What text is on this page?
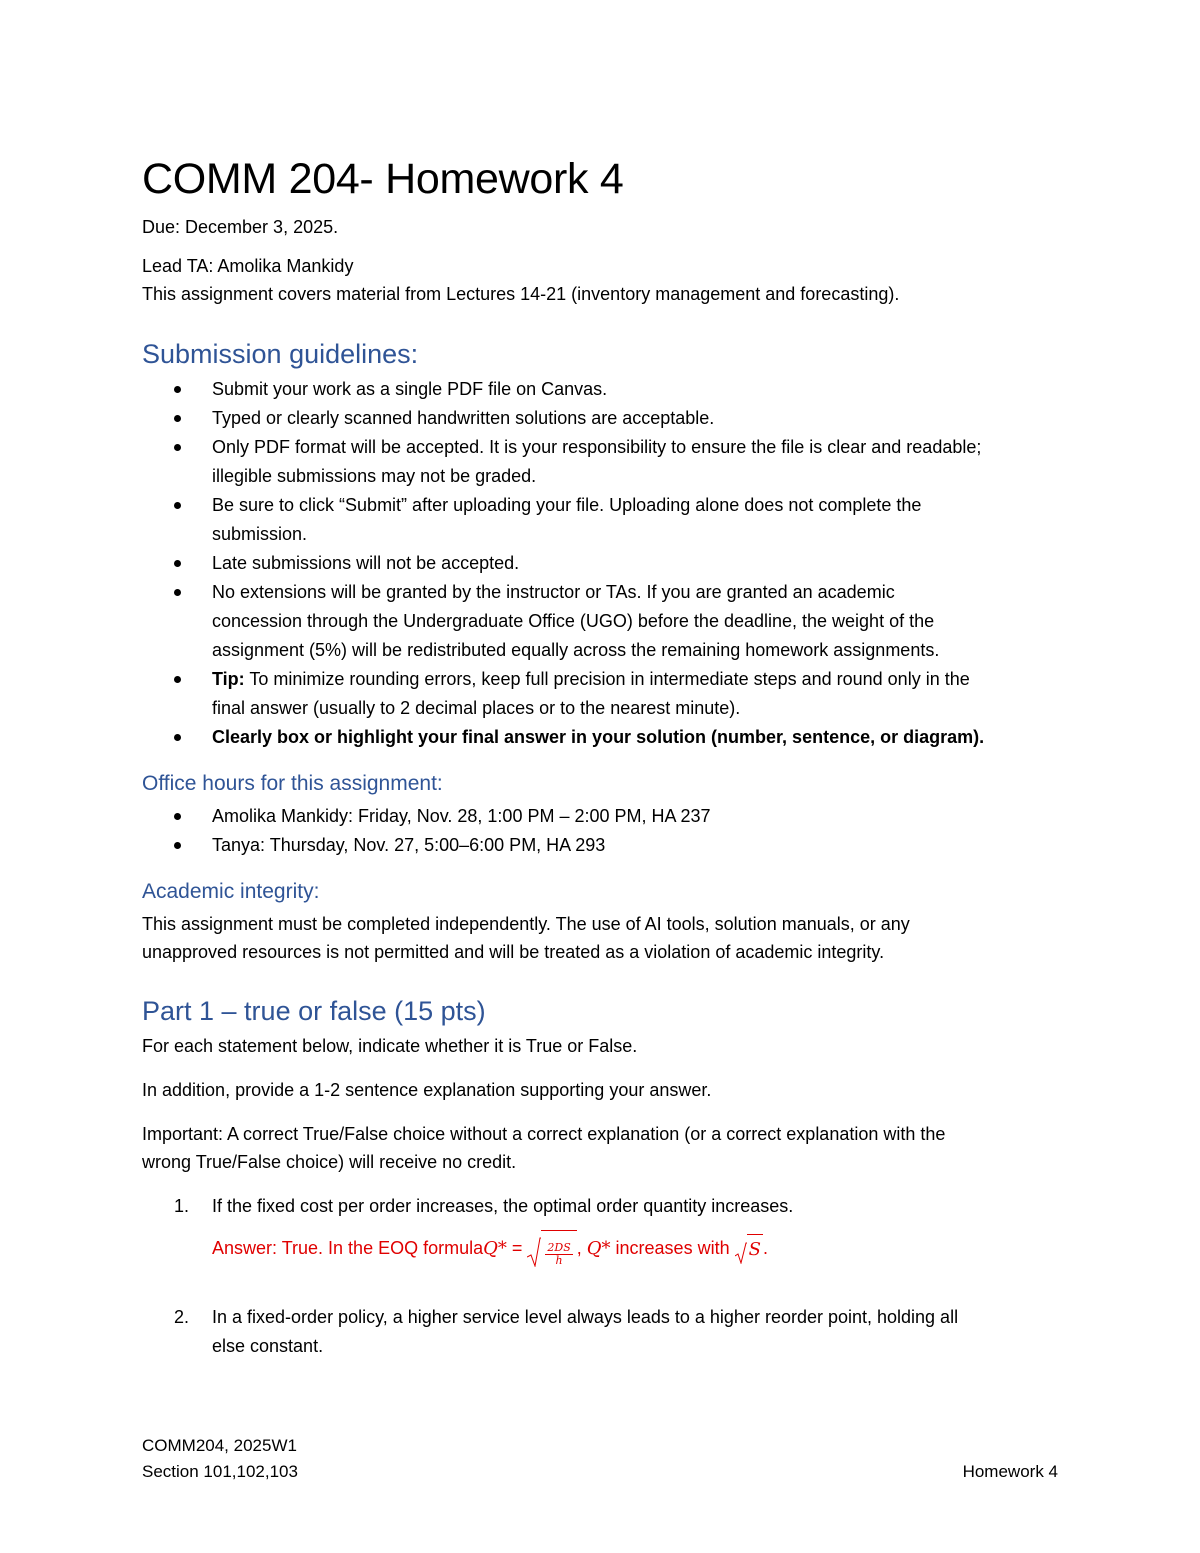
COMM 204- Homework 4
Due: December 3, 2025.
Lead TA: Amolika Mankidy
This assignment covers material from Lectures 14-21 (inventory management and forecasting).
Submission guidelines:
Submit your work as a single PDF file on Canvas.
Typed or clearly scanned handwritten solutions are acceptable.
Only PDF format will be accepted. It is your responsibility to ensure the file is clear and readable;
illegible submissions may not be graded.
Be sure to click “Submit” after uploading your file. Uploading alone does not complete the
submission.
Late submissions will not be accepted.
No extensions will be granted by the instructor or TAs. If you are granted an academic
concession through the Undergraduate Office (UGO) before the deadline, the weight of the
assignment (5%) will be redistributed equally across the remaining homework assignments.
Tip: To minimize rounding errors, keep full precision in intermediate steps and round only in the
final answer (usually to 2 decimal places or to the nearest minute).
Clearly box or highlight your final answer in your solution (number, sentence, or diagram).
Office hours for this assignment:
Amolika Mankidy: Friday, Nov. 28, 1:00 PM – 2:00 PM, HA 237
Tanya: Thursday, Nov. 27, 5:00–6:00 PM, HA 293
Academic integrity:
This assignment must be completed independently. The use of AI tools, solution manuals, or any
unapproved resources is not permitted and will be treated as a violation of academic integrity.
Part 1 – true or false (15 pts)
For each statement below, indicate whether it is True or False.
In addition, provide a 1-2 sentence explanation supporting your answer.
Important: A correct True/False choice without a correct explanation (or a correct explanation with the
wrong True/False choice) will receive no credit.
1. If the fixed cost per order increases, the optimal order quantity increases.
Answer: True. In the EOQ formula $Q* = \frac{2DS}{h}$ , Q* increases with S .
2. In a fixed-order policy, a higher service level always leads to a higher reorder point, holding all
else constant.
COMM204, 2025W1
Section 101,102,103	Homework 4
